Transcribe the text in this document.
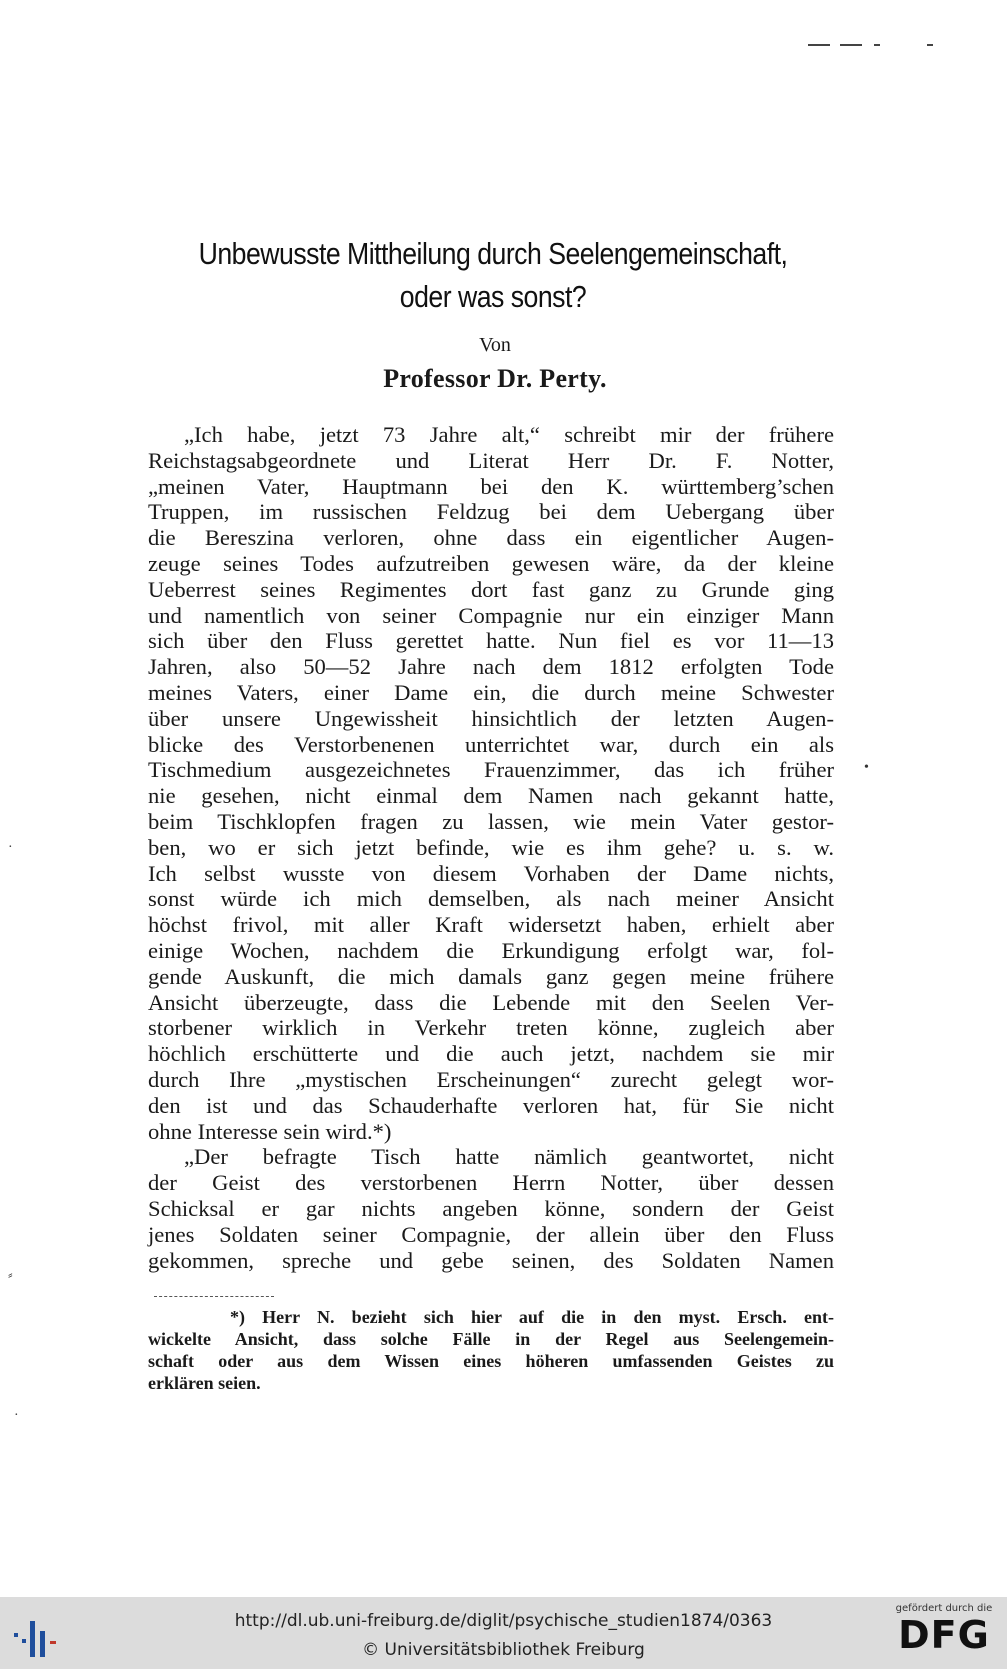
Unbewusste Mittheilung durch Seelengemeinschaft,
oder was sonst?
Von
Professor Dr. Perty.
„Ich habe, jetzt 73 Jahre alt,“ schreibt mir der frühere
Reichstagsabgeordnete und Literat Herr Dr. F. Notter,
„meinen Vater, Hauptmann bei den K. württemberg’schen
Truppen, im russischen Feldzug bei dem Uebergang über
die Bereszina verloren, ohne dass ein eigentlicher Augen-
zeuge seines Todes aufzutreiben gewesen wäre, da der kleine
Ueberrest seines Regimentes dort fast ganz zu Grunde ging
und namentlich von seiner Compagnie nur ein einziger Mann
sich über den Fluss gerettet hatte. Nun fiel es vor 11—13
Jahren, also 50—52 Jahre nach dem 1812 erfolgten Tode
meines Vaters, einer Dame ein, die durch meine Schwester
über unsere Ungewissheit hinsichtlich der letzten Augen-
blicke des Verstorbenenen unterrichtet war, durch ein als
Tischmedium ausgezeichnetes Frauenzimmer, das ich früher
nie gesehen, nicht einmal dem Namen nach gekannt hatte,
beim Tischklopfen fragen zu lassen, wie mein Vater gestor-
ben, wo er sich jetzt befinde, wie es ihm gehe? u. s. w.
Ich selbst wusste von diesem Vorhaben der Dame nichts,
sonst würde ich mich demselben, als nach meiner Ansicht
höchst frivol, mit aller Kraft widersetzt haben, erhielt aber
einige Wochen, nachdem die Erkundigung erfolgt war, fol-
gende Auskunft, die mich damals ganz gegen meine frühere
Ansicht überzeugte, dass die Lebende mit den Seelen Ver-
storbener wirklich in Verkehr treten könne, zugleich aber
höchlich erschütterte und die auch jetzt, nachdem sie mir
durch Ihre „mystischen Erscheinungen“ zurecht gelegt wor-
den ist und das Schauderhafte verloren hat, für Sie nicht
ohne Interesse sein wird.*)
„Der befragte Tisch hatte nämlich geantwortet, nicht
der Geist des verstorbenen Herrn Notter, über dessen
Schicksal er gar nichts angeben könne, sondern der Geist
jenes Soldaten seiner Compagnie, der allein über den Fluss
gekommen, spreche und gebe seinen, des Soldaten Namen
*) Herr N. bezieht sich hier auf die in den myst. Ersch. ent-
wickelte Ansicht, dass solche Fälle in der Regel aus Seelengemein-
schaft oder aus dem Wissen eines höheren umfassenden Geistes zu
erklären seien.
•
·
⸗
·
http://dl.ub.uni-freiburg.de/diglit/psychische_studien1874/0363
© Universitätsbibliothek Freiburg
gefördert durch die
DFG
